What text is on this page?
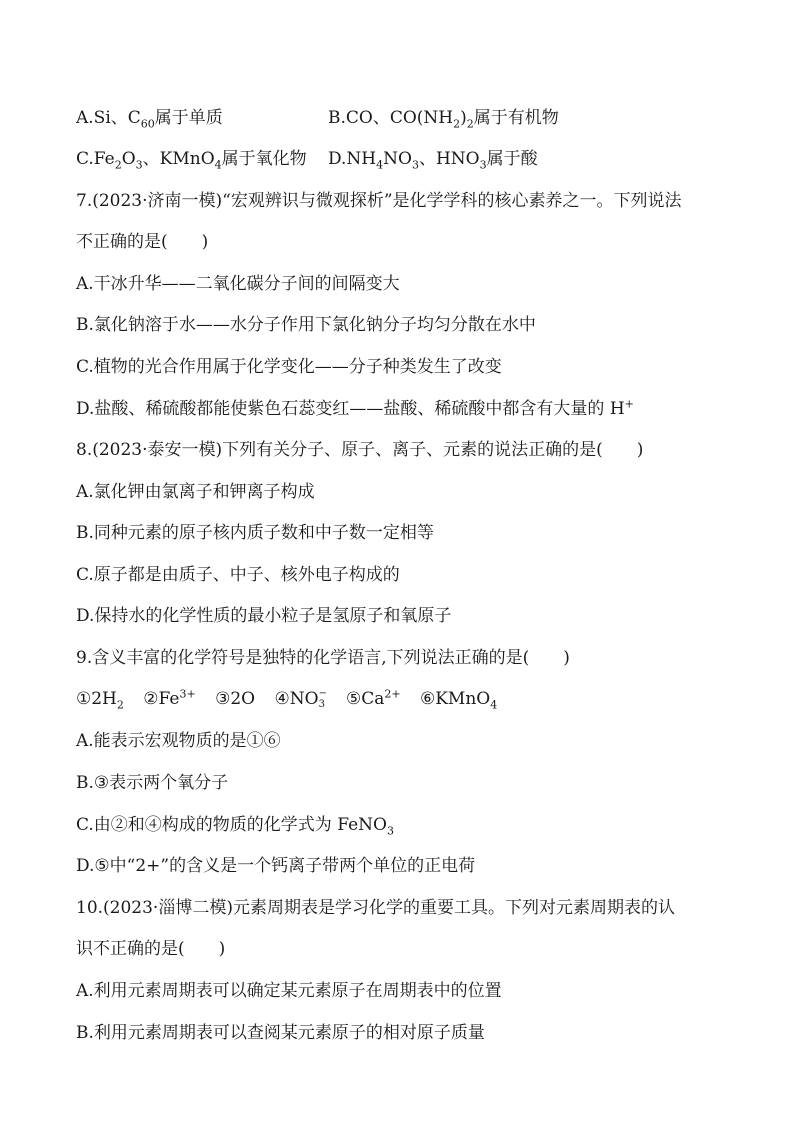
A.Si、$C_{60}$属于单质	B.CO、$CO(NH_2)_2$属于有机物
$C.Fe_2O_3$、KMnO$_4$属于氧化物 $D.NH_4NO_3$、$HNO_3$属于酸
7.(2023·济南一模)“宏观辨识与微观探析”是化学学科的核心素养之一。下列说法
不正确的是(　　)
A.干冰升华——二氧化碳分子间的间隔变大
B.氯化钠溶于水——水分子作用下氯化钠分子均匀分散在水中
C.植物的光合作用属于化学变化——分子种类发生了改变
D.盐酸、稀硫酸都能使紫色石蕊变红——盐酸、稀硫酸中都含有大量的 H+
8.(2023·泰安一模)下列有关分子、原子、离子、元素的说法正确的是(　　)
A.氯化钾由氯离子和钾离子构成
B.同种元素的原子核内质子数和中子数一定相等
C.原子都是由质子、中子、核外电子构成的
D.保持水的化学性质的最小粒子是氢原子和氧原子
9.含义丰富的化学符号是独特的化学语言,下列说法正确的是(　　)
$①2H_2$ $②Fe^{3+}$ ③2O ④NO −
3 $⑤Ca^{2+}$ ⑥KMnO$_4$
A.能表示宏观物质的是①⑥
B.③表示两个氧分子
C.由②和④构成的物质的化学式为 FeNO$_3$
D.⑤中“2+”的含义是一个钙离子带两个单位的正电荷
10.(2023·淄博二模)元素周期表是学习化学的重要工具。下列对元素周期表的认
识不正确的是(　　)
A.利用元素周期表可以确定某元素原子在周期表中的位置
B.利用元素周期表可以查阅某元素原子的相对原子质量
